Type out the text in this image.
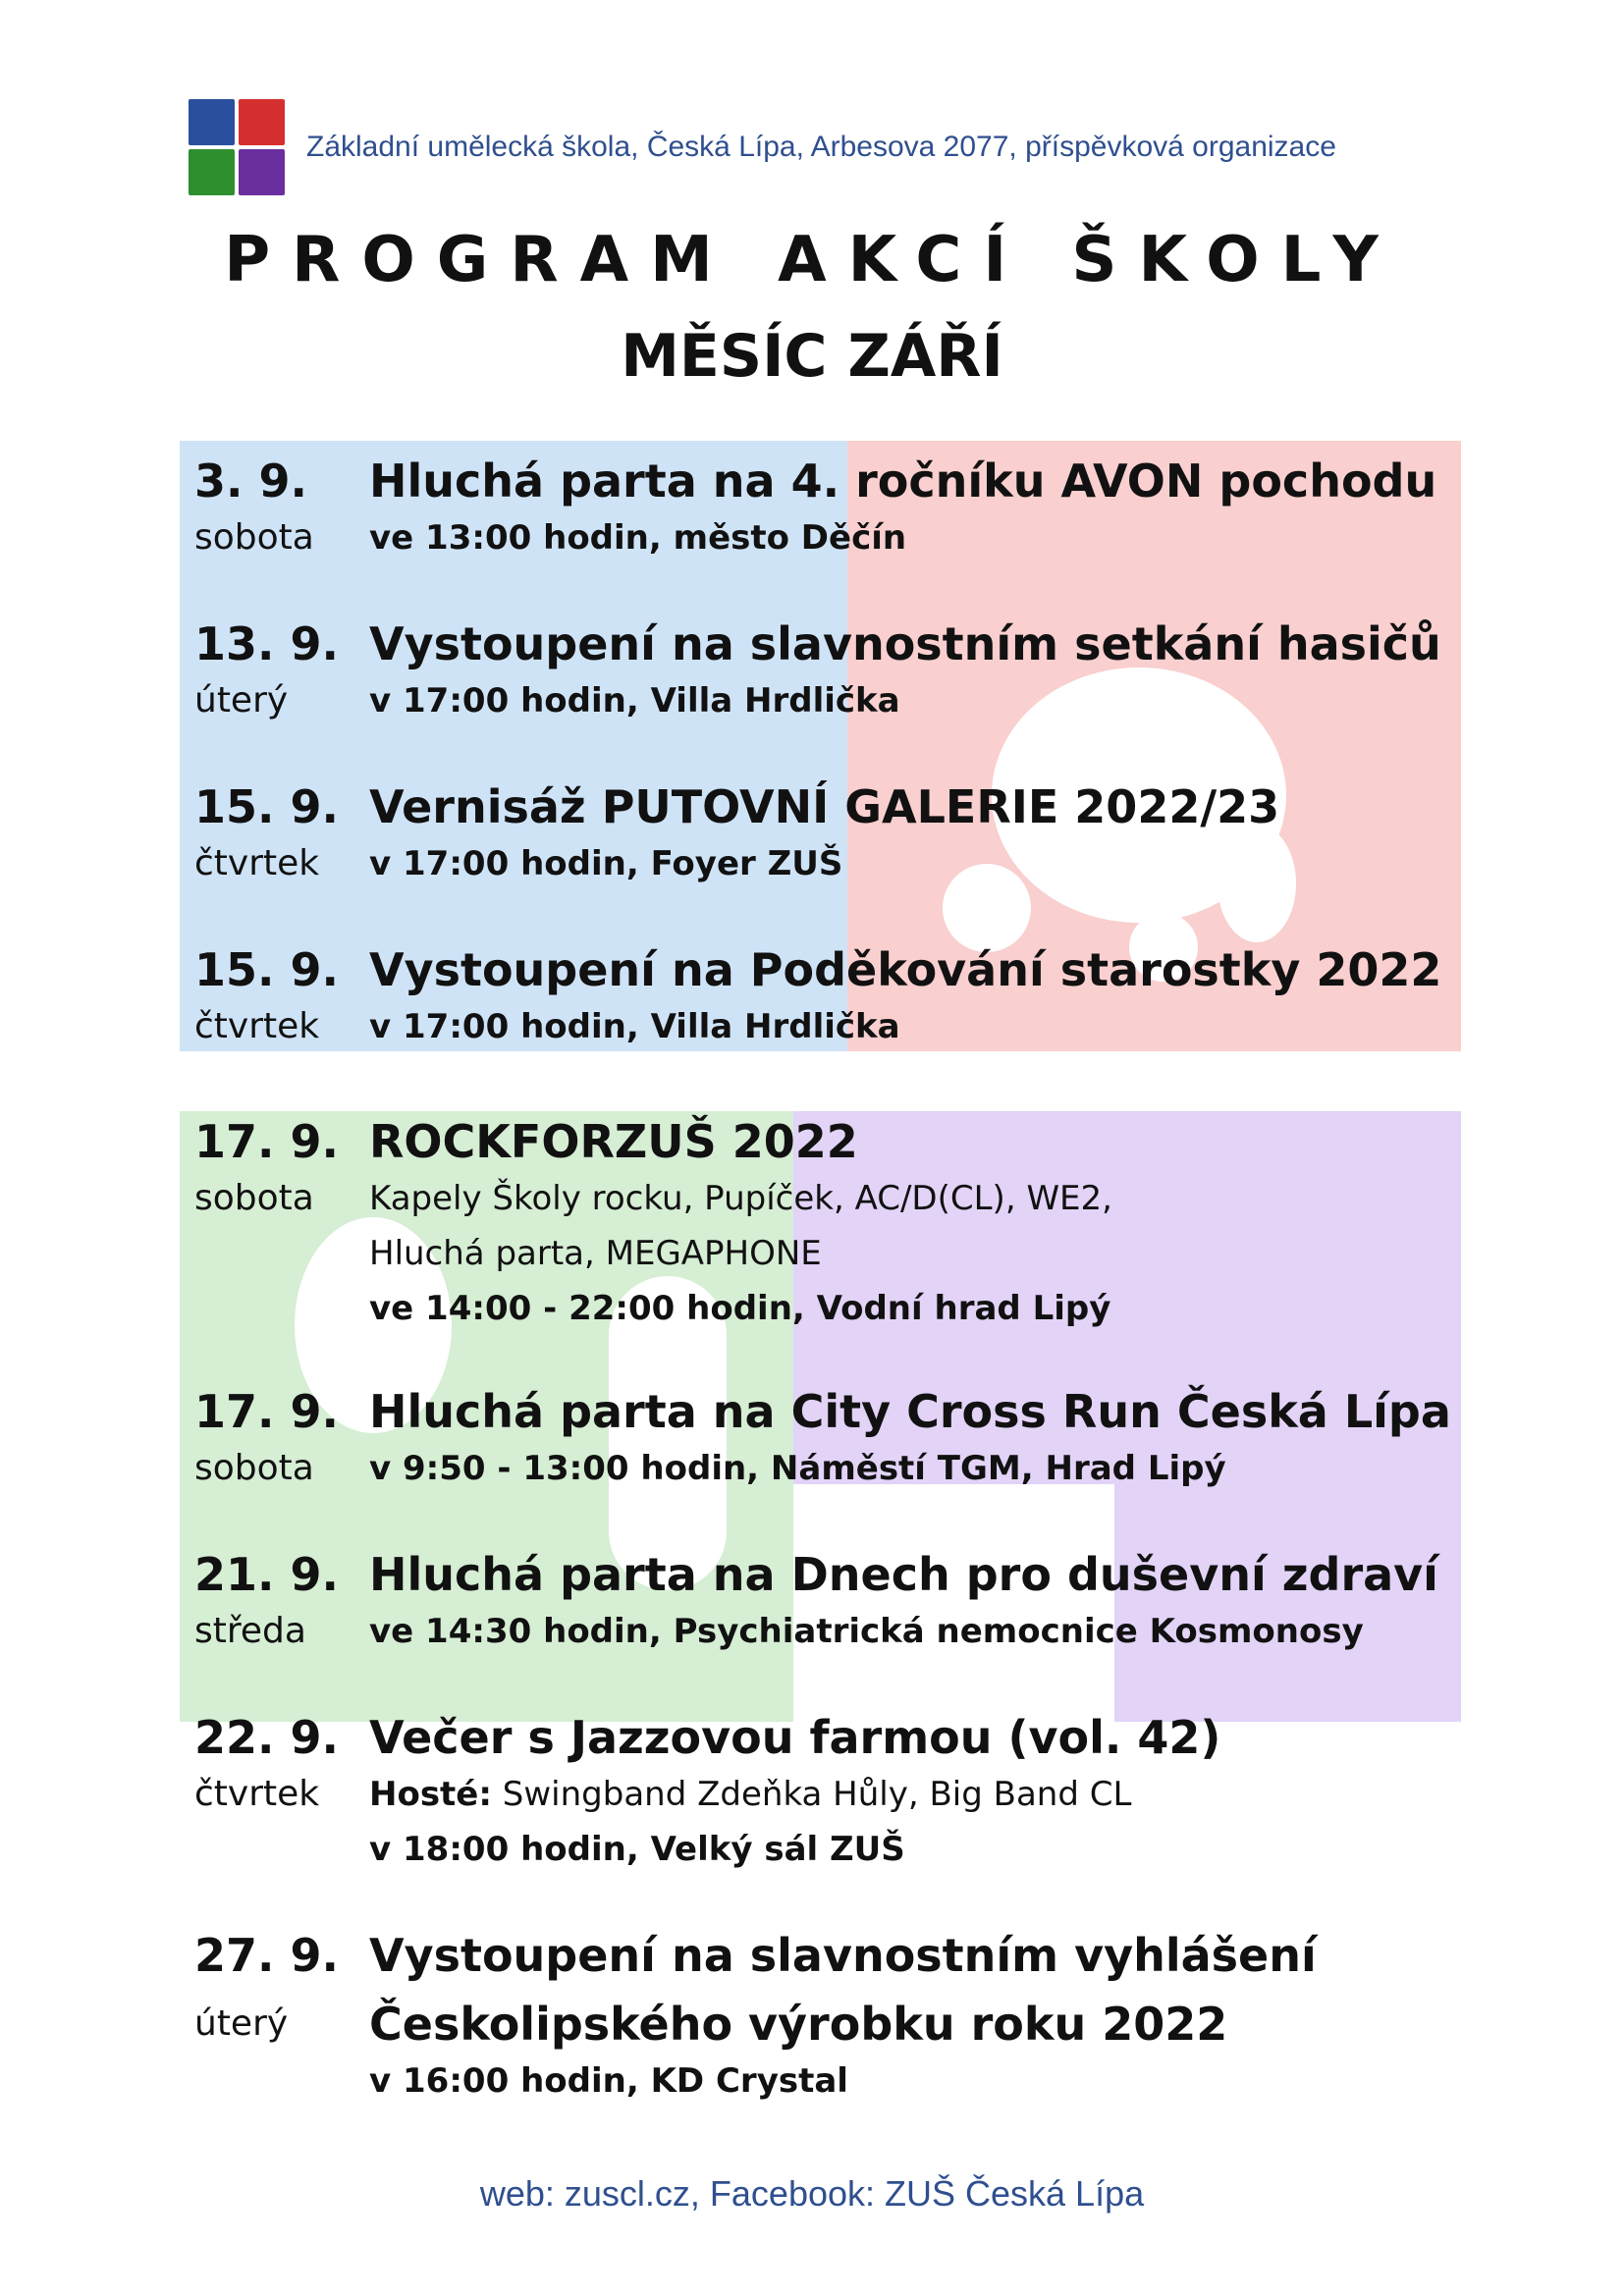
Základní umělecká škola, Česká Lípa, Arbesova 2077, příspěvková organizace
PROGRAM AKCÍ ŠKOLY
MĚSÍC ZÁŘÍ
3. 9.	Hluchá parta na 4. ročníku AVON pochodu
sobota	ve 13:00 hodin, město Děčín
13. 9. Vystoupení na slavnostním setkání hasičů
úterý	v 17:00 hodin, Villa Hrdlička
15. 9. Vernisáž PUTOVNÍ GALERIE 2022/23
čtvrtek	v 17:00 hodin, Foyer ZUŠ
15. 9. Vystoupení na Poděkování starostky 2022
čtvrtek	v 17:00 hodin, Villa Hrdlička
17. 9. ROCKFORZUŠ 2022
sobota	Kapely Školy rocku, Pupíček, AC/D(CL), WE2,
Hluchá parta, MEGAPHONE
ve 14:00 - 22:00 hodin, Vodní hrad Lipý
17. 9. Hluchá parta na City Cross Run Česká Lípa
sobota	v 9:50 - 13:00 hodin, Náměstí TGM, Hrad Lipý
21. 9. Hluchá parta na Dnech pro duševní zdraví
středa	ve 14:30 hodin, Psychiatrická nemocnice Kosmonosy
22. 9. Večer s Jazzovou farmou (vol. 42)
čtvrtek	Hosté: Swingband Zdeňka Hůly, Big Band CL
v 18:00 hodin, Velký sál ZUŠ
27. 9. Vystoupení na slavnostním vyhlášení
úterý	Českolipského výrobku roku 2022
v 16:00 hodin, KD Crystal
web: zuscl.cz, Facebook: ZUŠ Česká Lípa
